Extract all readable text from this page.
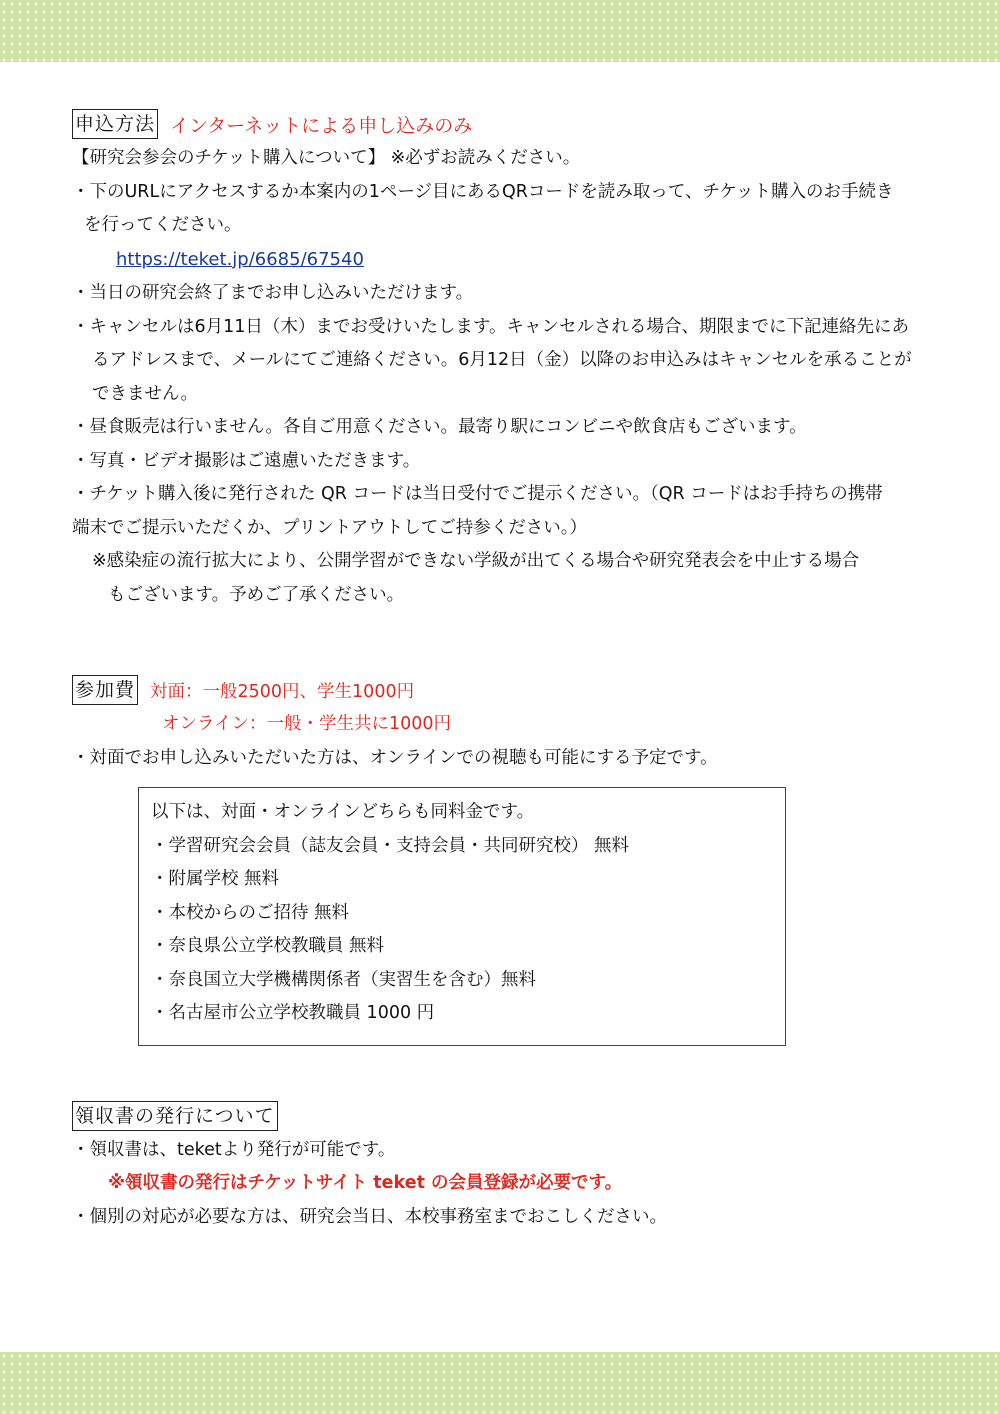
申込方法 インターネットによる申し込みのみ
【研究会参会のチケット購入について】 ※必ずお読みください。
・下のURLにアクセスするか本案内の1ページ目にあるQRコードを読み取って、チケット購入のお手続き
を行ってください。
https://teket.jp/6685/67540
・当日の研究会終了までお申し込みいただけます。
・キャンセルは6月11日（木）までお受けいたします。キャンセルされる場合、期限までに下記連絡先にあ
るアドレスまで、メールにてご連絡ください。6月12日（金）以降のお申込みはキャンセルを承ることが
できません。
・昼食販売は行いません。各自ご用意ください。最寄り駅にコンビニや飲食店もございます。
・写真・ビデオ撮影はご遠慮いただきます。
・チケット購入後に発行された QR コードは当日受付でご提示ください。（QR コードはお手持ちの携帯
端末でご提示いただくか、プリントアウトしてご持参ください。）
※感染症の流行拡大により、公開学習ができない学級が出てくる場合や研究発表会を中止する場合
もございます。予めご了承ください。
参加費 対面：一般2500円、学生1000円
オンライン：一般・学生共に1000円
・対面でお申し込みいただいた方は、オンラインでの視聴も可能にする予定です。
以下は、対面・オンラインどちらも同料金です。
・学習研究会会員（誌友会員・支持会員・共同研究校） 無料
・附属学校 無料
・本校からのご招待 無料
・奈良県公立学校教職員 無料
・奈良国立大学機構関係者（実習生を含む）無料
・名古屋市公立学校教職員 1000 円
領収書の発行について
・領収書は、teketより発行が可能です。
※領収書の発行はチケットサイト teket の会員登録が必要です。
・個別の対応が必要な方は、研究会当日、本校事務室までおこしください。
